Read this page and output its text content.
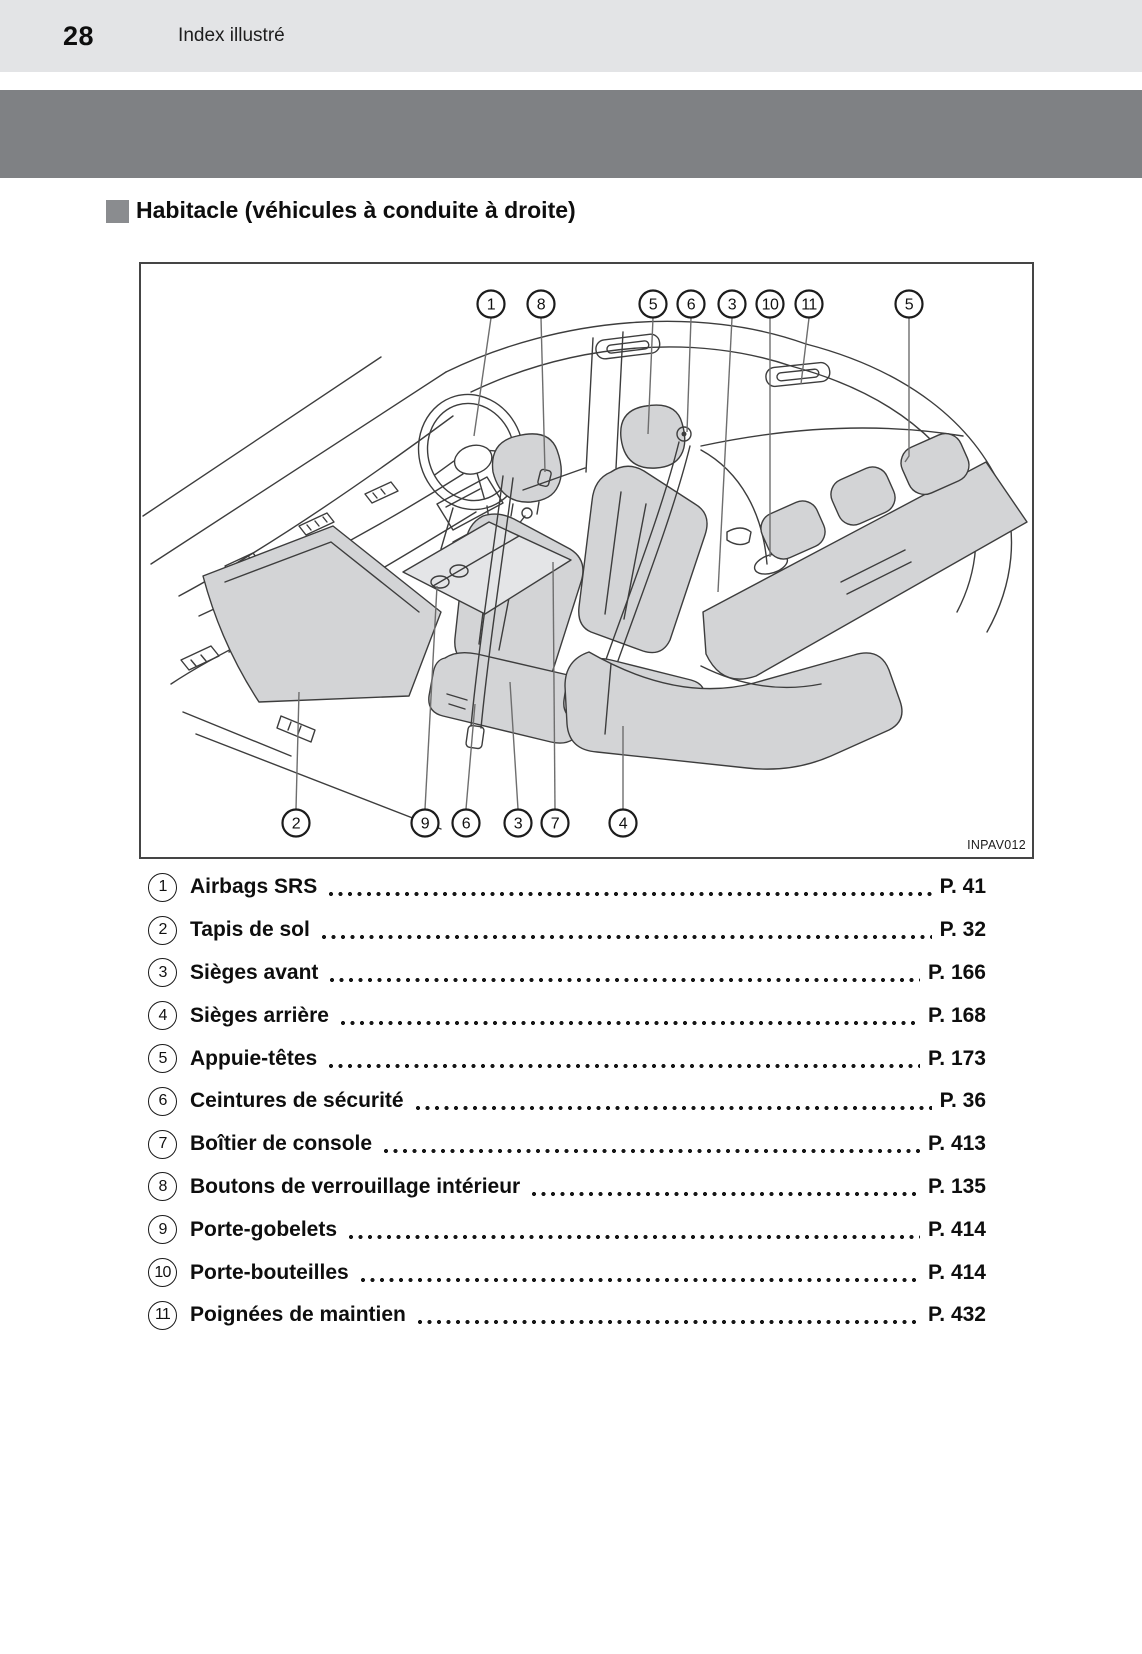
28	Index illustré
Habitacle (véhicules à conduite à droite)
1	8	5 6 3 10 11	5
2	9 6	3 7	4
INPAV012
1	Airbags SRS	P. 41
2	Tapis de sol	P. 32
3	Sièges avant	P. 166
4	Sièges arrière	P. 168
5	Appuie-têtes	P. 173
6	Ceintures de sécurité	P. 36
7	Boîtier de console	P. 413
8	Boutons de verrouillage intérieur	P. 135
9	Porte-gobelets	P. 414
10 Porte-bouteilles	P. 414
11 Poignées de maintien	P. 432
